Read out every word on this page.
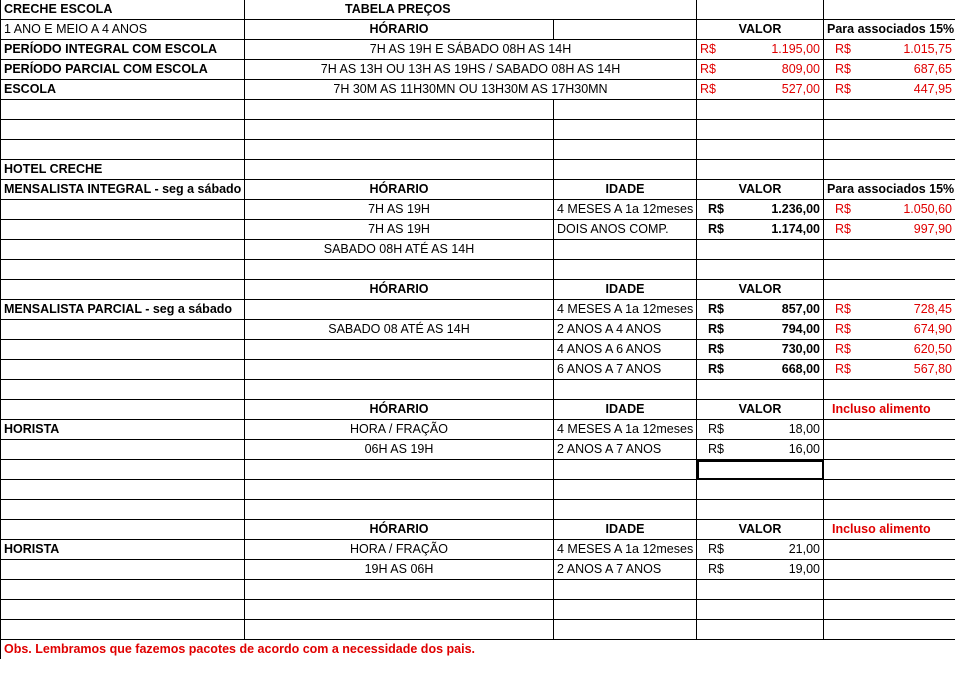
CRECHE ESCOLA	TABELA PREÇOS			
1 ANO E MEIO A 4 ANOS	HÓRARIO		VALOR	Para associados 15%
PERÍODO INTEGRAL COM ESCOLA	7H AS 19H E SÁBADO 08H AS 14H		R$ 1.195,00	R$ 1.015,75

PERÍODO PARCIAL COM ESCOLA	7H AS 13H OU 13H AS 19HS / SABADO 08H AS 14H		R$ 809,00	R$ 687,65

ESCOLA	7H 30M AS 11H30MN OU 13H30M AS 17H30MN		R$ 527,00	R$ 447,95

HOTEL CRECHE				
MENSALISTA INTEGRAL - seg a sábado	HÓRARIO	IDADE	VALOR	Para associados 15%
	7H AS 19H	4 MESES A 1a 12meses	R$ 1.236,00	R$ 1.050,60

	7H AS 19H	DOIS ANOS COMP.	R$ 1.174,00	R$ 997,90

	SABADO 08H ATÉ AS 14H			

	HÓRARIO	IDADE	VALOR	
MENSALISTA PARCIAL - seg a sábado		4 MESES A 1a 12meses	R$ 857,00	R$ 728,45

	SABADO 08 ATÉ AS 14H	2 ANOS A 4 ANOS	R$ 794,00	R$ 674,90

		4 ANOS A 6 ANOS	R$ 730,00	R$ 620,50

		6 ANOS A 7 ANOS	R$ 668,00	R$ 567,80

	HÓRARIO	IDADE	VALOR	Incluso alimento
HORISTA	HORA / FRAÇÃO	4 MESES A 1a 12meses	R$ 18,00	

	06H AS 19H	2 ANOS A 7 ANOS	R$ 16,00	

	HÓRARIO	IDADE	VALOR	Incluso alimento
HORISTA	HORA / FRAÇÃO	4 MESES A 1a 12meses	R$ 21,00	

	19H AS 06H	2 ANOS A 7 ANOS	R$ 19,00	

Obs. Lembramos que fazemos pacotes de acordo com a necessidade dos pais.				
